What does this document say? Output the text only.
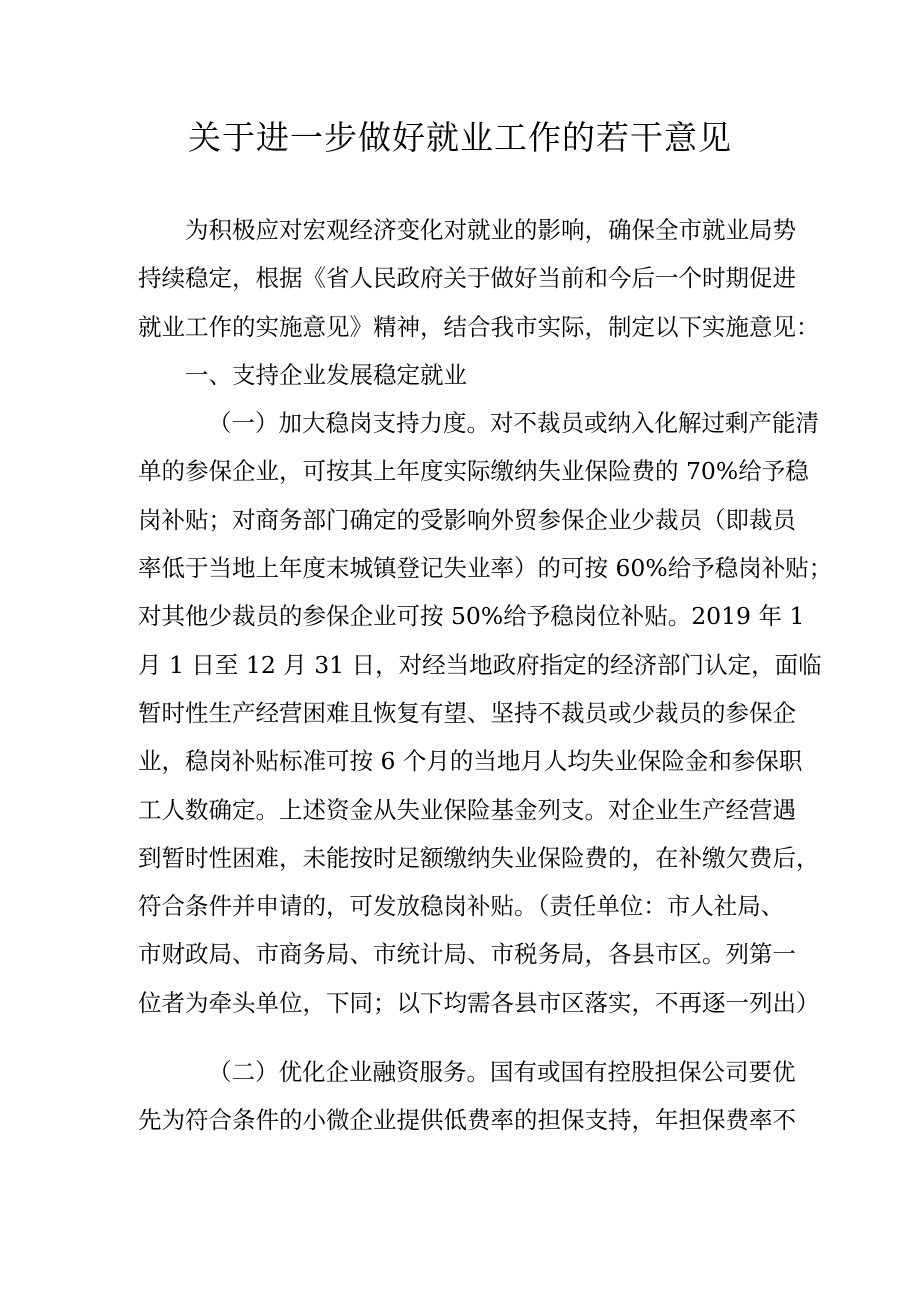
关于进一步做好就业工作的若干意见
为积极应对宏观经济变化对就业的影响，确保全市就业局势
持续稳定，根据《省人民政府关于做好当前和今后一个时期促进
就业工作的实施意见》精神，结合我市实际，制定以下实施意见：
一、支持企业发展稳定就业
（一）加大稳岗支持力度。对不裁员或纳入化解过剩产能清
单的参保企业，可按其上年度实际缴纳失业保险费的 70%给予稳
岗补贴；对商务部门确定的受影响外贸参保企业少裁员（即裁员
率低于当地上年度末城镇登记失业率）的可按 60%给予稳岗补贴；
对其他少裁员的参保企业可按 50%给予稳岗位补贴。2019 年 1
月 1 日至 12 月 31 日，对经当地政府指定的经济部门认定，面临
暂时性生产经营困难且恢复有望、坚持不裁员或少裁员的参保企
业，稳岗补贴标准可按 6 个月的当地月人均失业保险金和参保职
工人数确定。上述资金从失业保险基金列支。对企业生产经营遇
到暂时性困难，未能按时足额缴纳失业保险费的，在补缴欠费后，
符合条件并申请的，可发放稳岗补贴。（责任单位：市人社局、
市财政局、市商务局、市统计局、市税务局，各县市区。列第一
位者为牵头单位，下同；以下均需各县市区落实，不再逐一列出）
（二）优化企业融资服务。国有或国有控股担保公司要优
先为符合条件的小微企业提供低费率的担保支持，年担保费率不
